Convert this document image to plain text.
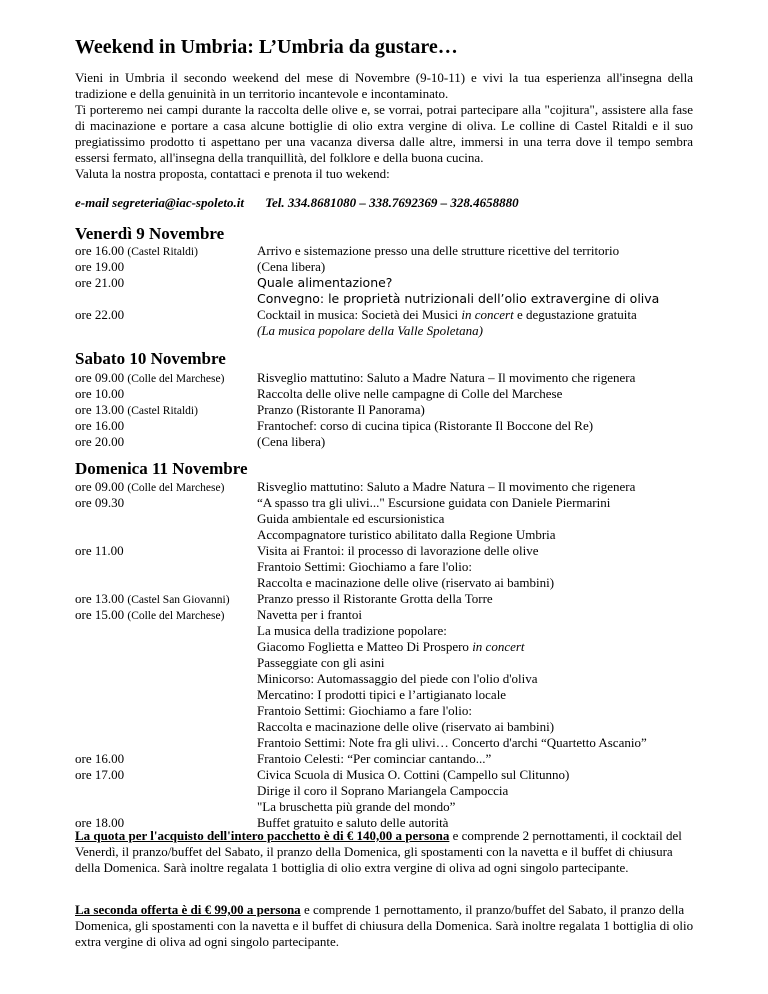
Weekend in Umbria: L’Umbria da gustare…

Vieni in Umbria il secondo weekend del mese di Novembre (9-10-11) e vivi la tua esperienza all'insegna della tradizione e della genuinità in un territorio incantevole e incontaminato.

Ti porteremo nei campi durante la raccolta delle olive e, se vorrai, potrai partecipare alla "cojitura", assistere alla fase di macinazione e portare a casa alcune bottiglie di olio extra vergine di oliva. Le colline di Castel Ritaldi e il suo pregiatissimo prodotto ti aspettano per una vacanza diversa dalle altre, immersi in una terra dove il tempo sembra essersi fermato, all'insegna della tranquillità, del folklore e della buona cucina.

Valuta la nostra proposta, contattaci e prenota il tuo wekend:

e-mail segreteria@iac-spoleto.it Tel. 334.8681080 – 338.7692369 – 328.4658880
Venerdì 9 Novembre
ore 16.00 (Castel Ritaldi)
ore 19.00
ore 21.00
ore 22.00
Arrivo e sistemazione presso una delle strutture ricettive del territorio
(Cena libera)
Quale alimentazione?
Convegno: le proprietà nutrizionali dell’olio extravergine di oliva
Cocktail in musica: Società dei Musici in concert e degustazione gratuita
(La musica popolare della Valle Spoletana)
Sabato 10 Novembre
ore 09.00 (Colle del Marchese)
ore 10.00
ore 13.00 (Castel Ritaldi)
ore 16.00
ore 20.00
Risveglio mattutino: Saluto a Madre Natura – Il movimento che rigenera
Raccolta delle olive nelle campagne di Colle del Marchese
Pranzo (Ristorante Il Panorama)
Frantochef: corso di cucina tipica (Ristorante Il Boccone del Re)
(Cena libera)
Domenica 11 Novembre
ore 09.00 (Colle del Marchese)
ore 09.30
ore 11.00
ore 13.00 (Castel San Giovanni)
ore 15.00 (Colle del Marchese)
ore 16.00
ore 17.00
ore 18.00
Risveglio mattutino: Saluto a Madre Natura – Il movimento che rigenera
“A spasso tra gli ulivi..." Escursione guidata con Daniele Piermarini
Guida ambientale ed escursionistica
Accompagnatore turistico abilitato dalla Regione Umbria
Visita ai Frantoi: il processo di lavorazione delle olive
Frantoio Settimi: Giochiamo a fare l'olio:
Raccolta e macinazione delle olive (riservato ai bambini)
Pranzo presso il Ristorante Grotta della Torre
Navetta per i frantoi
La musica della tradizione popolare:
Giacomo Foglietta e Matteo Di Prospero in concert
Passeggiate con gli asini
Minicorso: Automassaggio del piede con l'olio d'oliva
Mercatino: I prodotti tipici e l’artigianato locale
Frantoio Settimi: Giochiamo a fare l'olio:
Raccolta e macinazione delle olive (riservato ai bambini)
Frantoio Settimi: Note fra gli ulivi… Concerto d'archi “Quartetto Ascanio”
Frantoio Celesti: “Per cominciar cantando...”
Civica Scuola di Musica O. Cottini (Campello sul Clitunno)
Dirige il coro il Soprano Mariangela Campoccia
"La bruschetta più grande del mondo”
Buffet gratuito e saluto delle autorità

La quota per l'acquisto dell'intero pacchetto è di € 140,00 a persona e comprende 2 pernottamenti, il cocktail del Venerdì, il pranzo/buffet del Sabato, il pranzo della Domenica, gli spostamenti con la navetta e il buffet di chiusura della Domenica. Sarà inoltre regalata 1 bottiglia di olio extra vergine di oliva ad ogni singolo partecipante.

La seconda offerta è di € 99,00 a persona e comprende 1 pernottamento, il pranzo/buffet del Sabato, il pranzo della Domenica, gli spostamenti con la navetta e il buffet di chiusura della Domenica. Sarà inoltre regalata 1 bottiglia di olio extra vergine di oliva ad ogni singolo partecipante.
